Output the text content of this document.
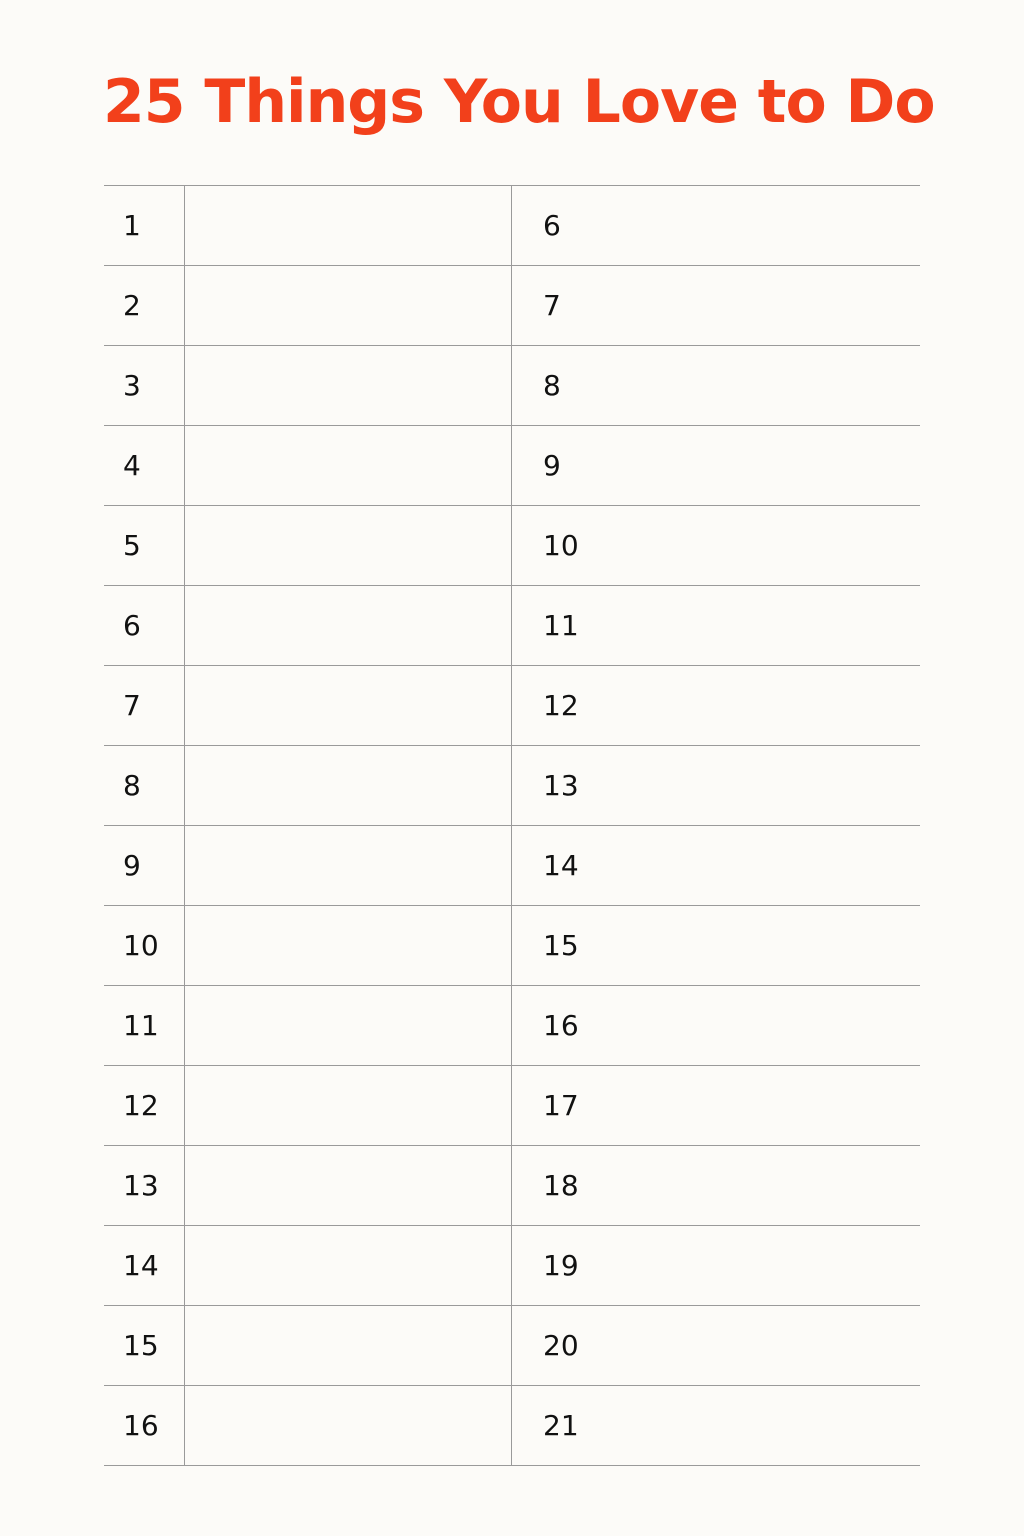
25 Things You Love to Do
1	6
2	7
3	8
4	9
5	10
6	11
7	12
8	13
9	14
10	15
11	16
12	17
13	18
14	19
15	20
16	21
